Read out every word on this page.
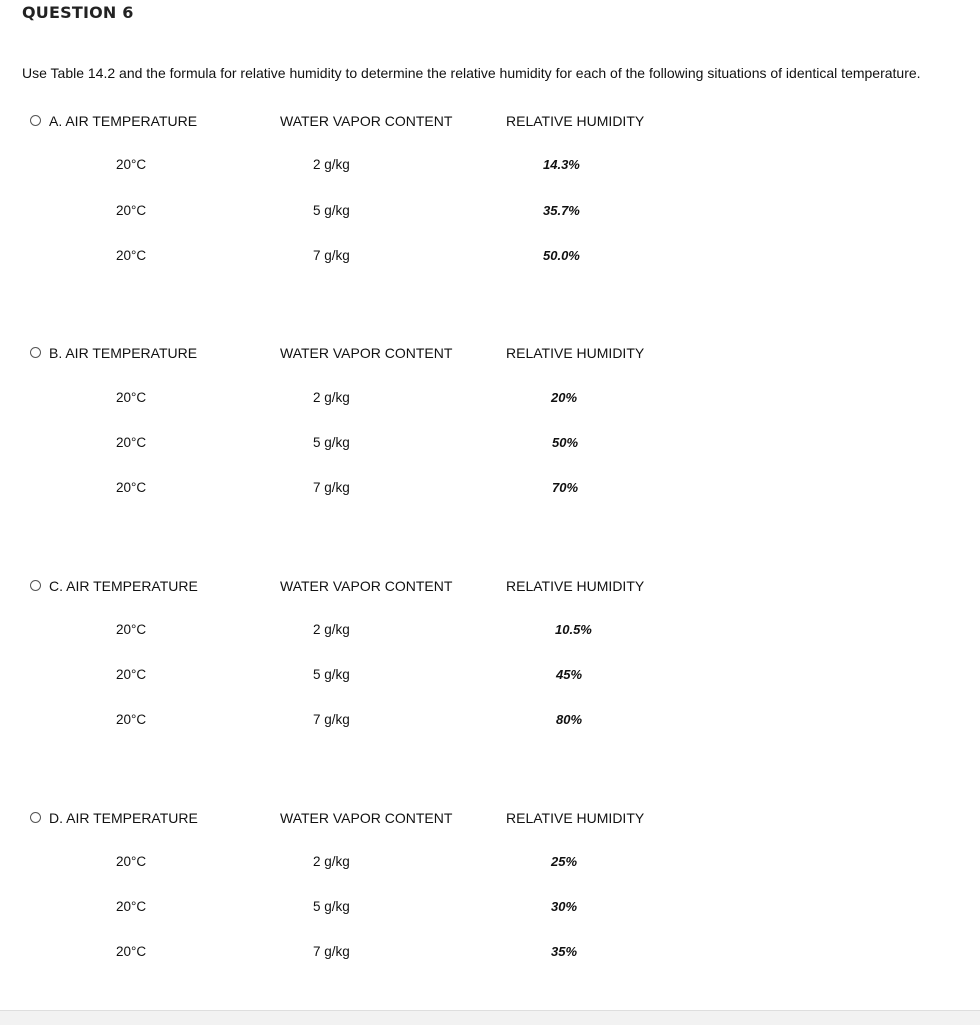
QUESTION 6
Use Table 14.2 and the formula for relative humidity to determine the relative humidity for each of the following situations of identical temperature.
A. AIR TEMPERATURE	WATER VAPOR CONTENT	RELATIVE HUMIDITY
20°C	2 g/kg	14.3%
20°C	5 g/kg	35.7%
20°C	7 g/kg	50.0%
B. AIR TEMPERATURE	WATER VAPOR CONTENT	RELATIVE HUMIDITY
20°C	2 g/kg	20%
20°C	5 g/kg	50%
20°C	7 g/kg	70%
C. AIR TEMPERATURE	WATER VAPOR CONTENT	RELATIVE HUMIDITY
20°C	2 g/kg	10.5%
20°C	5 g/kg	45%
20°C	7 g/kg	80%
D. AIR TEMPERATURE	WATER VAPOR CONTENT	RELATIVE HUMIDITY
20°C	2 g/kg	25%
20°C	5 g/kg	30%
20°C	7 g/kg	35%
